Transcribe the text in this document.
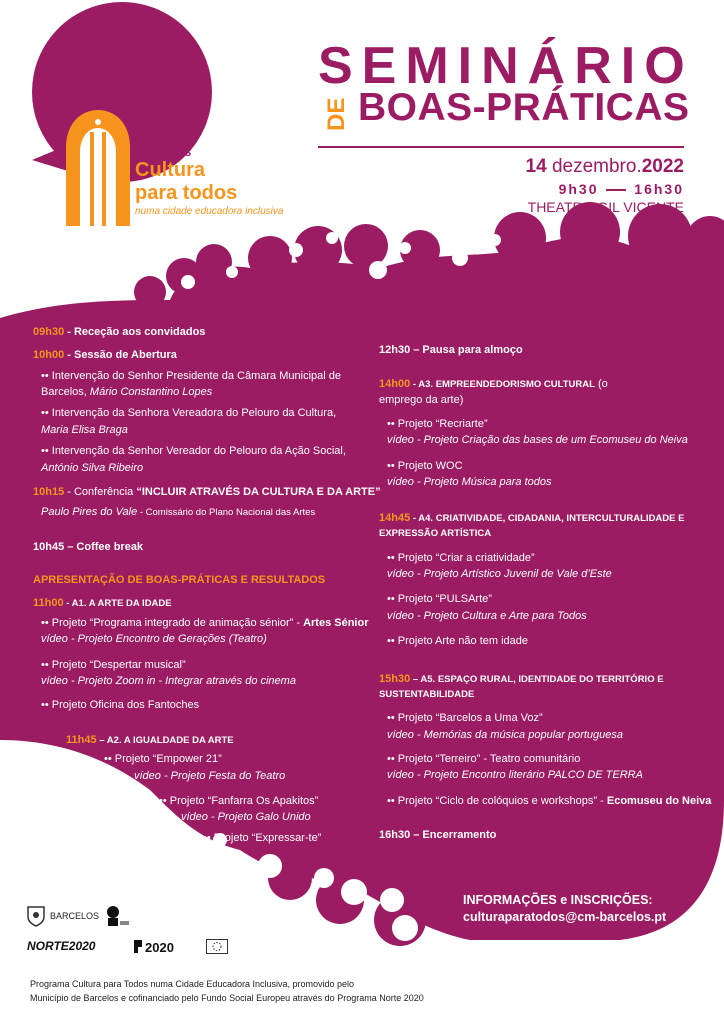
BARCELOS
Cultura
para todos
numa cidade educadora inclusiva
SEMINÁRIO
DE BOAS-PRÁTICAS
14 dezembro.2022
9h30	16h30
THEATRO GIL VICENTE
09h30 - Receção aos convidados
10h00 - Sessão de Abertura
•• Intervenção do Senhor Presidente da Câmara Municipal de
Barcelos, Mário Constantino Lopes
•• Intervenção da Senhora Vereadora do Pelouro da Cultura,
Maria Elisa Braga
•• Intervenção da Senhor Vereador do Pelouro da Ação Social,
António Silva Ribeiro
10h15 - Conferência “INCLUIR ATRAVÉS DA CULTURA E DA ARTE”
Paulo Pires do Vale - Comissário do Plano Nacional das Artes
10h45 – Coffee break
APRESENTAÇÃO DE BOAS-PRÁTICAS E RESULTADOS
11h00 - A1. A ARTE DA IDADE
•• Projeto “Programa integrado de animação sénior” - Artes Sénior
vídeo - Projeto Encontro de Gerações (Teatro)
•• Projeto “Despertar musical”
vídeo - Projeto Zoom in - Integrar através do cinema
•• Projeto Oficina dos Fantoches
11h45 – A2. A IGUALDADE DA ARTE
•• Projeto “Empower 21”
vídeo - Projeto Festa do Teatro
•• Projeto “Fanfarra Os Apakitos”
vídeo - Projeto Galo Unido
•• Projeto “Expressar-te”
12h30 – Pausa para almoço
14h00 - A3. EMPREENDEDORISMO CULTURAL (o
emprego da arte)
•• Projeto “Recriarte”
vídeo - Projeto Criação das bases de um Ecomuseu do Neiva
•• Projeto WOC
vídeo - Projeto Música para todos
14h45 - A4. CRIATIVIDADE, CIDADANIA, INTERCULTURALIDADE E
EXPRESSÃO ARTÍSTICA
•• Projeto “Criar a criatividade”
vídeo - Projeto Artístico Juvenil de Vale d’Este
•• Projeto “PULSArte”
vídeo - Projeto Cultura e Arte para Todos
•• Projeto Arte não tem idade
15h30 – A5. ESPAÇO RURAL, IDENTIDADE DO TERRITÓRIO E
SUSTENTABILIDADE
•• Projeto “Barcelos a Uma Voz”
vídeo - Memórias da música popular portuguesa
•• Projeto “Terreiro” - Teatro comunitário
vídeo - Projeto Encontro literário PALCO DE TERRA
•• Projeto “Ciclo de colóquios e workshops” - Ecomuseu do Neiva
16h30 – Encerramento
INFORMAÇÕES e INSCRIÇÕES:
culturaparatodos@cm-barcelos.pt
BARCELOS
NORTE2020	2020
Programa Cultura para Todos numa Cidade Educadora Inclusiva, promovido pelo
Município de Barcelos e cofinanciado pelo Fundo Social Europeu através do Programa Norte 2020
